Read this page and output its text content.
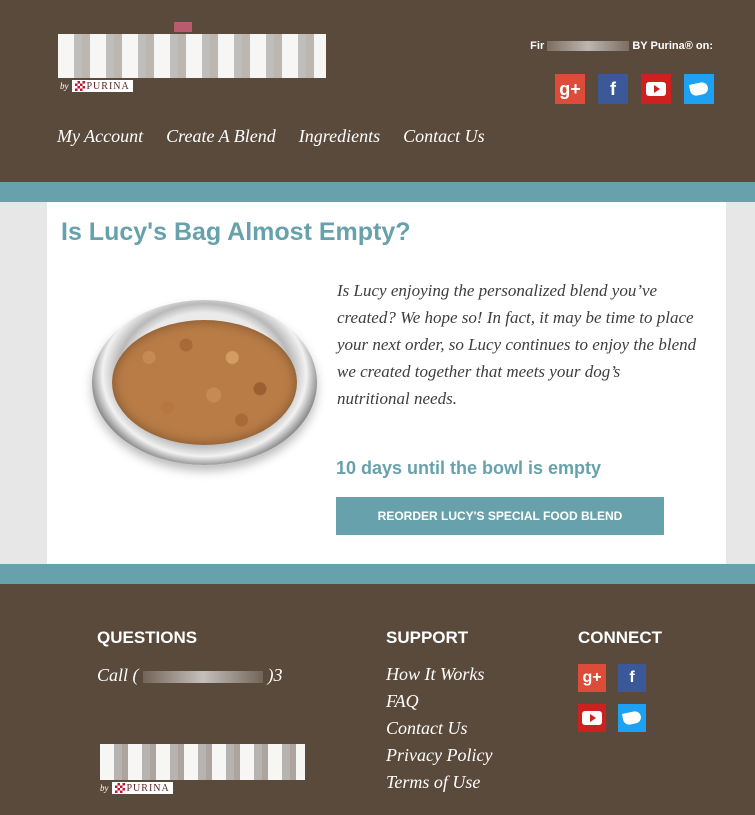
by PURINA
Fir	BY Purina® on:
g+	f
My Account Create A Blend Ingredients Contact Us
Is Lucy's Bag Almost Empty?

Is Lucy enjoying the personalized blend you’ve created? We hope so! In fact, it may be time to place your next order, so Lucy continues to enjoy the blend we created together that meets your dog’s nutritional needs.

10 days until the bowl is empty

REORDER LUCY'S SPECIAL FOOD BLEND
QUESTIONS
Call (	)3
SUPPORT
How It Works
FAQ
Contact Us
Privacy Policy
Terms of Use
CONNECT
g+	f
by PURINA
